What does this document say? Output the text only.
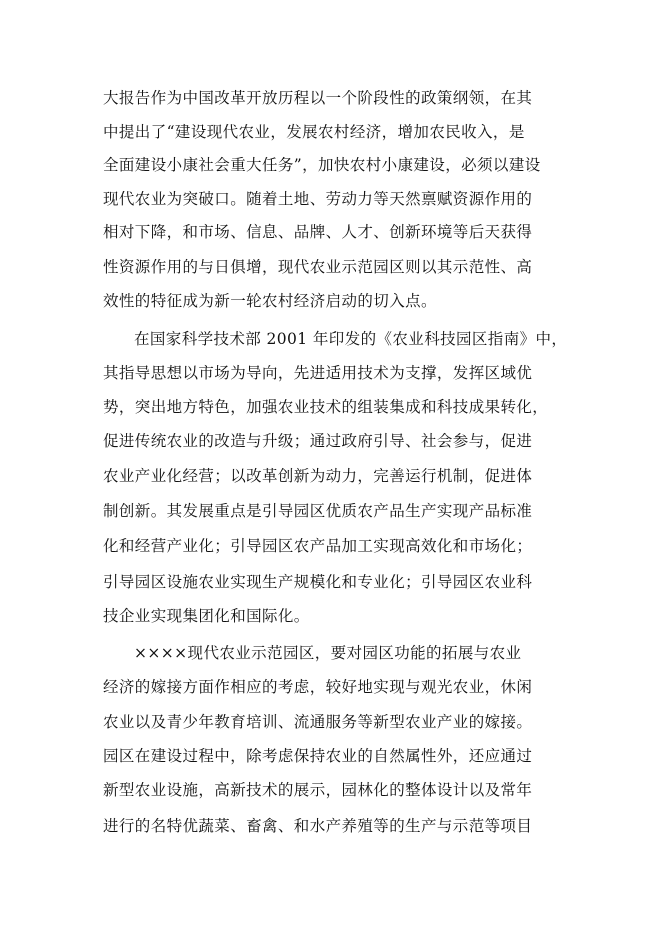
大报告作为中国改革开放历程以一个阶段性的政策纲领，在其
中提出了“建设现代农业，发展农村经济，增加农民收入，是
全面建设小康社会重大任务”，加快农村小康建设，必须以建设
现代农业为突破口。随着土地、劳动力等天然禀赋资源作用的
相对下降，和市场、信息、品牌、人才、创新环境等后天获得
性资源作用的与日俱增，现代农业示范园区则以其示范性、高
效性的特征成为新一轮农村经济启动的切入点。
在国家科学技术部 2001 年印发的《农业科技园区指南》中，
其指导思想以市场为导向，先进适用技术为支撑，发挥区域优
势，突出地方特色，加强农业技术的组装集成和科技成果转化，
促进传统农业的改造与升级；通过政府引导、社会参与，促进
农业产业化经营；以改革创新为动力，完善运行机制，促进体
制创新。其发展重点是引导园区优质农产品生产实现产品标准
化和经营产业化；引导园区农产品加工实现高效化和市场化；
引导园区设施农业实现生产规模化和专业化；引导园区农业科
技企业实现集团化和国际化。
××××现代农业示范园区，要对园区功能的拓展与农业
经济的嫁接方面作相应的考虑，较好地实现与观光农业，休闲
农业以及青少年教育培训、流通服务等新型农业产业的嫁接。
园区在建设过程中，除考虑保持农业的自然属性外，还应通过
新型农业设施，高新技术的展示，园林化的整体设计以及常年
进行的名特优蔬菜、畜禽、和水产养殖等的生产与示范等项目
